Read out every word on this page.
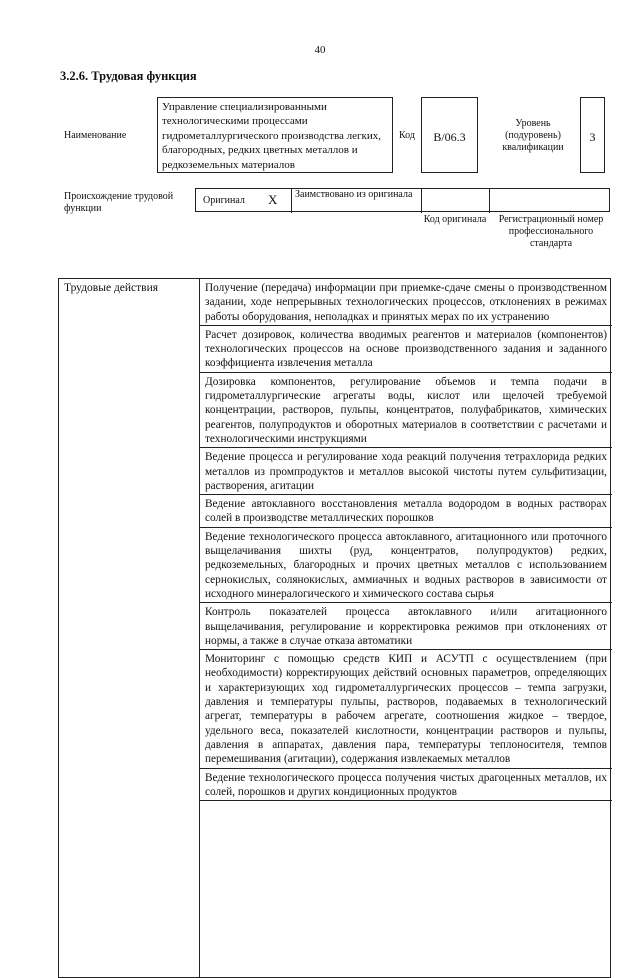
40
3.2.6. Трудовая функция
Наименование
Управление специализированными технологическими процессами гидрометаллургического производства легких, благородных, редких цветных металлов и редкоземельных материалов
Код	В/06.3
Уровень (подуровень) квалификации
3
Происхождение трудовой функции
Оригинал X Заимствовано из оригинала
Код оригинала	Регистрационный номер профессионального стандарта
Трудовые действия	Получение (передача) информации при приемке-сдаче смены о производственном задании, ходе непрерывных технологических процессов, отклонениях в режимах работы оборудования, неполадках и принятых мерах по их устранению
Расчет дозировок, количества вводимых реагентов и материалов (компонентов) технологических процессов на основе производственного задания и заданного коэффициента извлечения металла
Дозировка компонентов, регулирование объемов и темпа подачи в гидрометаллургические агрегаты воды, кислот или щелочей требуемой концентрации, растворов, пульпы, концентратов, полуфабрикатов, химических реагентов, полупродуктов и оборотных материалов в соответствии с расчетами и технологическими инструкциями
Ведение процесса и регулирование хода реакций получения тетрахлорида редких металлов из промпродуктов и металлов высокой чистоты путем сульфитизации, растворения, агитации
Ведение автоклавного восстановления металла водородом в водных растворах солей в производстве металлических порошков
Ведение технологического процесса автоклавного, агитационного или проточного выщелачивания шихты (руд, концентратов, полупродуктов) редких, редкоземельных, благородных и прочих цветных металлов с использованием сернокислых, солянокислых, аммиачных и водных растворов в зависимости от исходного минералогического и химического состава сырья
Контроль показателей процесса автоклавного и/или агитационного выщелачивания, регулирование и корректировка режимов при отклонениях от нормы, а также в случае отказа автоматики
Мониторинг с помощью средств КИП и АСУТП с осуществлением (при необходимости) корректирующих действий основных параметров, определяющих и характеризующих ход гидрометаллургических процессов – темпа загрузки, давления и температуры пульпы, растворов, подаваемых в технологический агрегат, температуры в рабочем агрегате, соотношения жидкое – твердое, удельного веса, показателей кислотности, концентрации растворов и пульпы, давления в аппаратах, давления пара, температуры теплоносителя, темпов перемешивания (агитации), содержания извлекаемых металлов
Ведение технологического процесса получения чистых драгоценных металлов, их солей, порошков и других кондиционных продуктов
